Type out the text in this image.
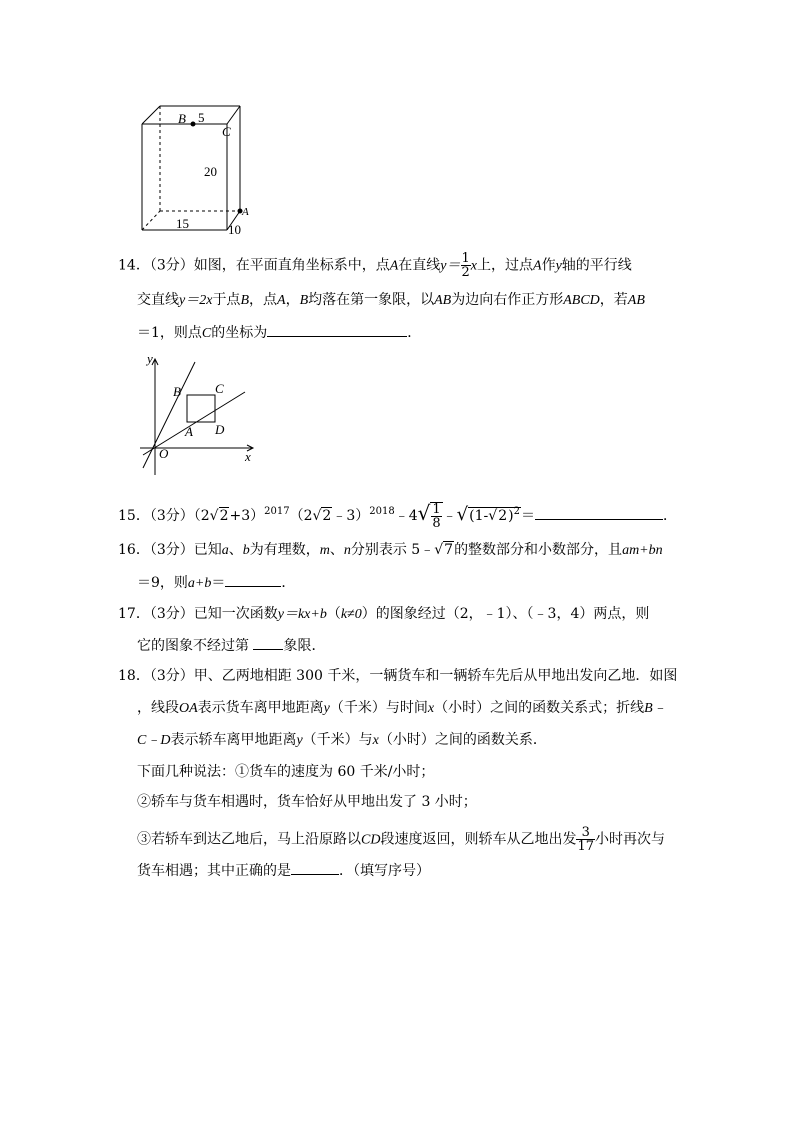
B 5
C
20
A
15	10
14．（3分）如图，在平面直角坐标系中，点A在直线$y= \frac{1}{2}$ x上，过点A作y轴的平行线
交直线y＝2x于点B，点A，B均落在第一象限，以AB为边向右作正方形ABCD，若AB
＝1，则点C的坐标为	．
y
x
O
B	C
A D
15．（3分）$(2√2+3)^{2017}(2√2﹣3)^{2018}﹣4√ \frac{1}{8}$ $﹣√(1-√2)^2=$	．
16．（3分）已知a、b为有理数，m、n分别表示 5﹣√7的整数部分和小数部分，且am+bn
＝9，则a+b＝	．
17．（3分）已知一次函数y＝kx+b（k≠0）的图象经过（2，﹣1）、（﹣3，4）两点，则
它的图象不经过第 象限．
18．（3分）甲、乙两地相距 300 千米，一辆货车和一辆轿车先后从甲地出发向乙地．如图
，线段OA表示货车离甲地距离y（千米）与时间x（小时）之间的函数关系式；折线B﹣
C﹣D表示轿车离甲地距离y（千米）与x（小时）之间的函数关系．
下面几种说法：①货车的速度为 60 千米/小时；
②轿车与货车相遇时，货车恰好从甲地出发了 3 小时；
③若轿车到达乙地后，马上沿原路以CD段速度返回，则轿车从乙地出发 $\frac{3}{17}$ 小时再次与
货车相遇；其中正确的是	．（填写序号）
